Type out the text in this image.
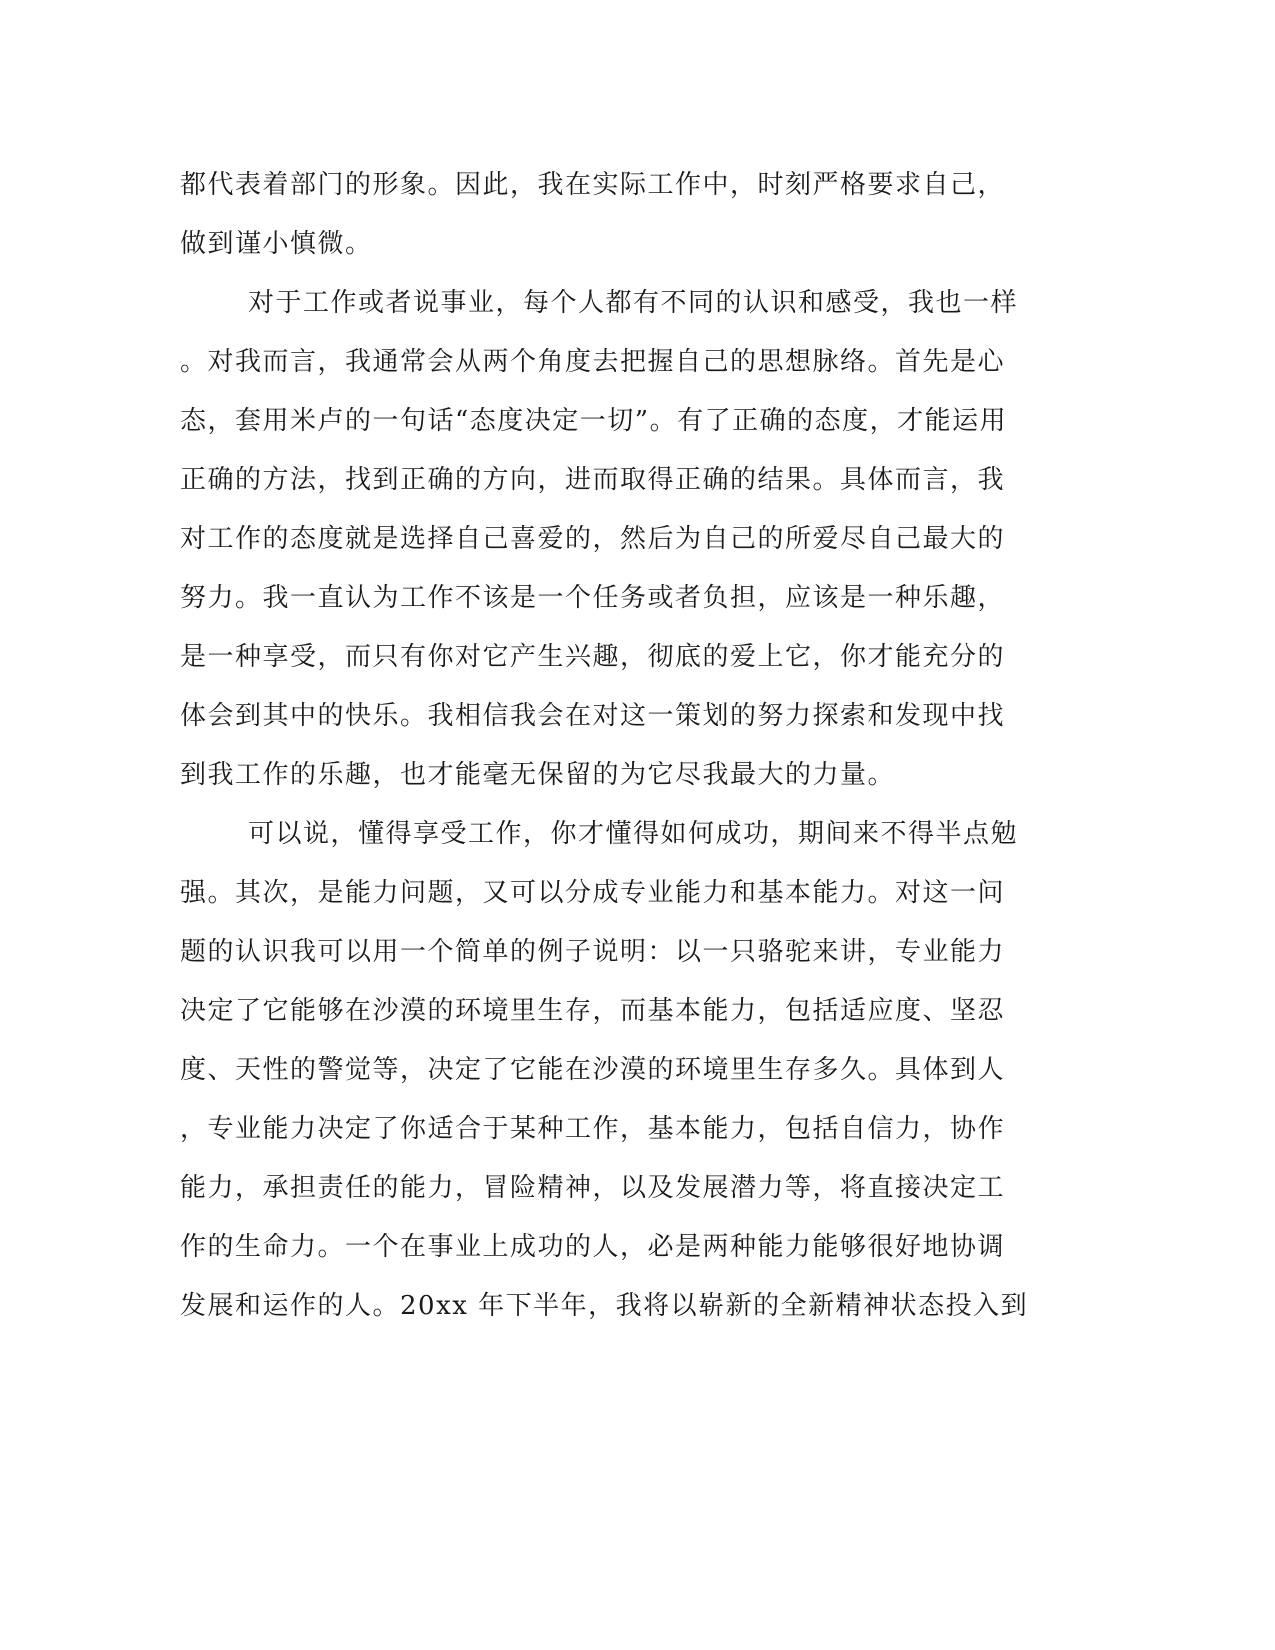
都代表着部门的形象。因此，我在实际工作中，时刻严格要求自己，
做到谨小慎微。
对于工作或者说事业，每个人都有不同的认识和感受，我也一样
。对我而言，我通常会从两个角度去把握自己的思想脉络。首先是心
态，套用米卢的一句话“态度决定一切”。有了正确的态度，才能运用
正确的方法，找到正确的方向，进而取得正确的结果。具体而言，我
对工作的态度就是选择自己喜爱的，然后为自己的所爱尽自己最大的
努力。我一直认为工作不该是一个任务或者负担，应该是一种乐趣，
是一种享受，而只有你对它产生兴趣，彻底的爱上它，你才能充分的
体会到其中的快乐。我相信我会在对这一策划的努力探索和发现中找
到我工作的乐趣，也才能毫无保留的为它尽我最大的力量。
可以说，懂得享受工作，你才懂得如何成功，期间来不得半点勉
强。其次，是能力问题，又可以分成专业能力和基本能力。对这一问
题的认识我可以用一个简单的例子说明：以一只骆驼来讲，专业能力
决定了它能够在沙漠的环境里生存，而基本能力，包括适应度、坚忍
度、天性的警觉等，决定了它能在沙漠的环境里生存多久。具体到人
，专业能力决定了你适合于某种工作，基本能力，包括自信力，协作
能力，承担责任的能力，冒险精神，以及发展潜力等，将直接决定工
作的生命力。一个在事业上成功的人，必是两种能力能够很好地协调
发展和运作的人。20xx 年下半年，我将以崭新的全新精神状态投入到
